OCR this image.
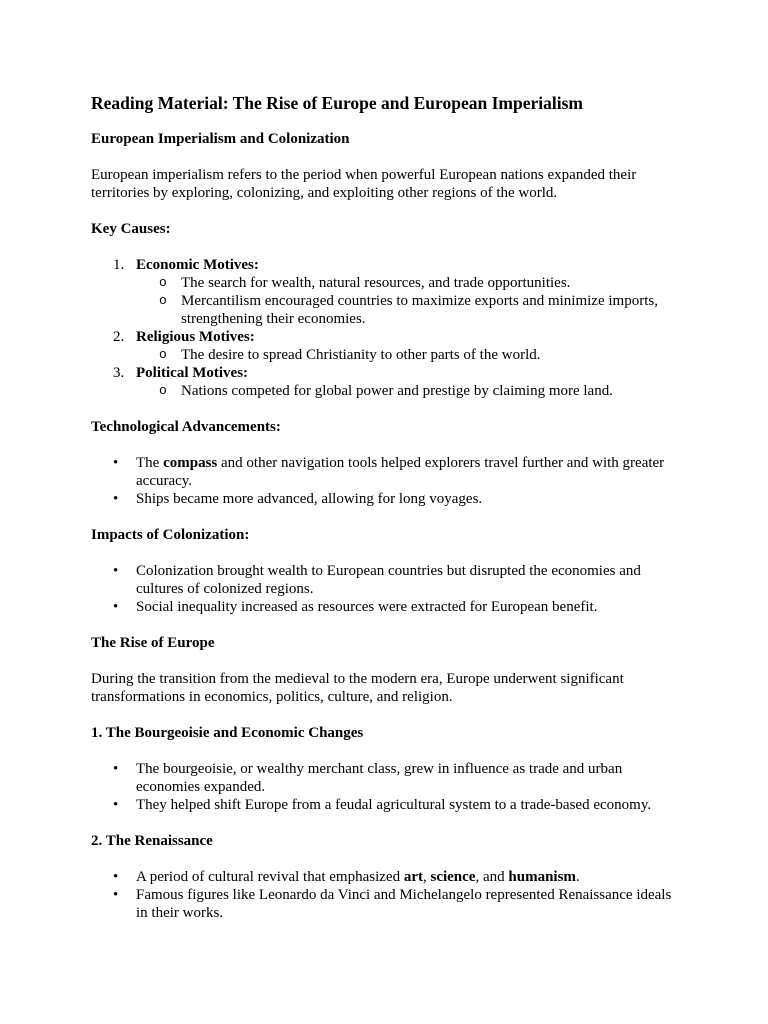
Reading Material: The Rise of Europe and European Imperialism
European Imperialism and Colonization

European imperialism refers to the period when powerful European nations expanded their territories by exploring, colonizing, and exploiting other regions of the world.

Key Causes:
1. Economic Motives:
o The search for wealth, natural resources, and trade opportunities.
o Mercantilism encouraged countries to maximize exports and minimize imports, strengthening their economies.
2. Religious Motives:
o The desire to spread Christianity to other parts of the world.
3. Political Motives:
o Nations competed for global power and prestige by claiming more land.
Technological Advancements:
• The compass and other navigation tools helped explorers travel further and with greater accuracy.
• Ships became more advanced, allowing for long voyages.
Impacts of Colonization:
• Colonization brought wealth to European countries but disrupted the economies and cultures of colonized regions.
• Social inequality increased as resources were extracted for European benefit.
The Rise of Europe

During the transition from the medieval to the modern era, Europe underwent significant transformations in economics, politics, culture, and religion.

1. The Bourgeoisie and Economic Changes
• The bourgeoisie, or wealthy merchant class, grew in influence as trade and urban economies expanded.
• They helped shift Europe from a feudal agricultural system to a trade-based economy.
2. The Renaissance
• A period of cultural revival that emphasized art, science, and humanism.
• Famous figures like Leonardo da Vinci and Michelangelo represented Renaissance ideals in their works.
